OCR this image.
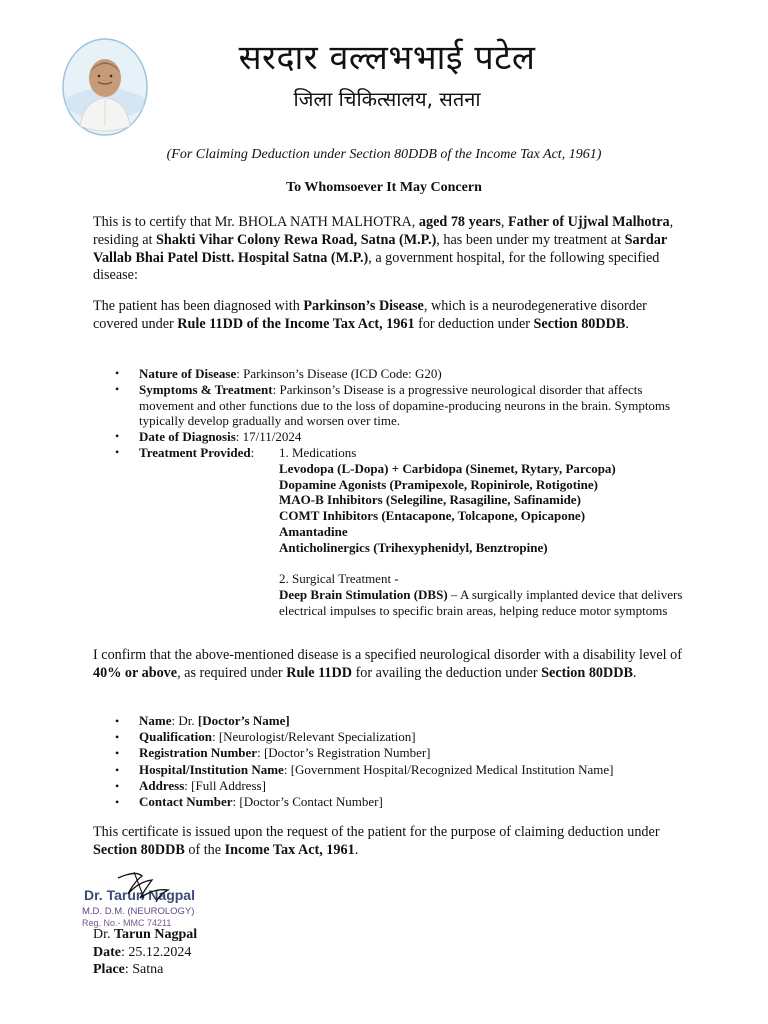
सरदार वल्लभभाई पटेल
जिला चिकित्सालय, सतना
(For Claiming Deduction under Section 80DDB of the Income Tax Act, 1961)
To Whomsoever It May Concern
This is to certify that Mr. BHOLA NATH MALHOTRA, aged 78 years, Father of Ujjwal Malhotra, residing at Shakti Vihar Colony Rewa Road, Satna (M.P.), has been under my treatment at Sardar Vallab Bhai Patel Distt. Hospital Satna (M.P.), a government hospital, for the following specified disease:
The patient has been diagnosed with Parkinson’s Disease, which is a neurodegenerative disorder covered under Rule 11DD of the Income Tax Act, 1961 for deduction under Section 80DDB.
• Nature of Disease: Parkinson’s Disease (ICD Code: G20)
• Symptoms & Treatment: Parkinson’s Disease is a progressive neurological disorder that affects movement and other functions due to the loss of dopamine-producing neurons in the brain. Symptoms typically develop gradually and worsen over time.
• Date of Diagnosis: 17/11/2024
• Treatment Provided:	1. Medications
Levodopa (L-Dopa) + Carbidopa (Sinemet, Rytary, Parcopa)
Dopamine Agonists (Pramipexole, Ropinirole, Rotigotine)
MAO-B Inhibitors (Selegiline, Rasagiline, Safinamide)
COMT Inhibitors (Entacapone, Tolcapone, Opicapone)
Amantadine
Anticholinergics (Trihexyphenidyl, Benztropine)
2. Surgical Treatment -
Deep Brain Stimulation (DBS) – A surgically implanted device that delivers electrical impulses to specific brain areas, helping reduce motor symptoms
I confirm that the above-mentioned disease is a specified neurological disorder with a disability level of 40% or above, as required under Rule 11DD for availing the deduction under Section 80DDB.
• Name: Dr. [Doctor’s Name]
• Qualification: [Neurologist/Relevant Specialization]
• Registration Number: [Doctor’s Registration Number]
• Hospital/Institution Name: [Government Hospital/Recognized Medical Institution Name]
• Address: [Full Address]
• Contact Number: [Doctor’s Contact Number]
This certificate is issued upon the request of the patient for the purpose of claiming deduction under Section 80DDB of the Income Tax Act, 1961.
Dr. Tarun Nagpal
M.D. D.M. (NEUROLOGY)
Reg. No.- MMC 74211
Dr. Tarun Nagpal
Date: 25.12.2024
Place: Satna
